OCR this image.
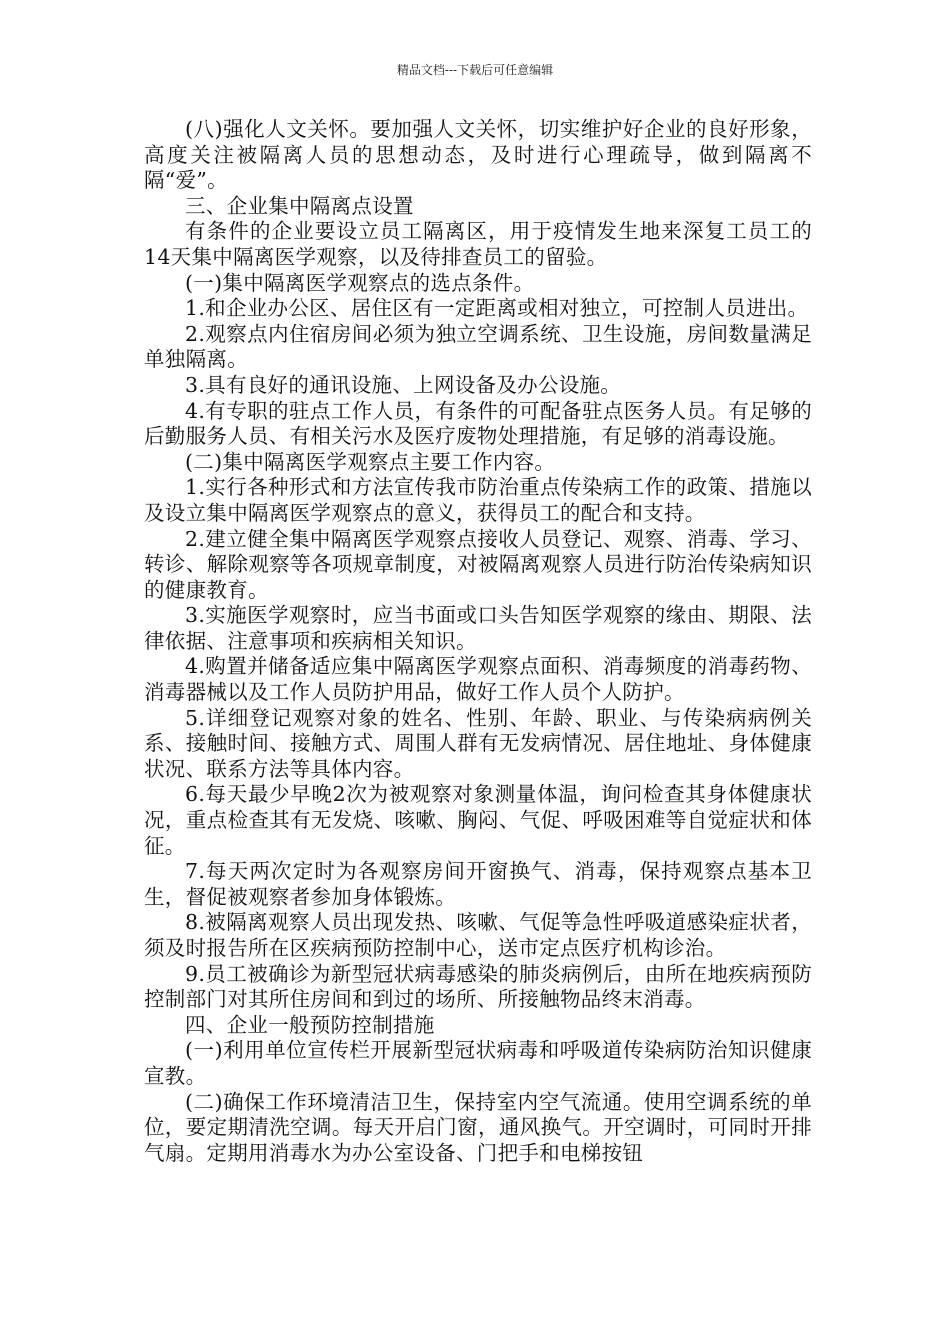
精品文档---下载后可任意编辑

(八)强化人文关怀。要加强人文关怀，切实维护好企业的良好形象，高度关注被隔离人员的思想动态，及时进行心理疏导，做到隔离不隔“爱”。

三、企业集中隔离点设置

有条件的企业要设立员工隔离区，用于疫情发生地来深复工员工的14天集中隔离医学观察，以及待排查员工的留验。

(一)集中隔离医学观察点的选点条件。

1.和企业办公区、居住区有一定距离或相对独立，可控制人员进出。

2.观察点内住宿房间必须为独立空调系统、卫生设施，房间数量满足单独隔离。

3.具有良好的通讯设施、上网设备及办公设施。

4.有专职的驻点工作人员，有条件的可配备驻点医务人员。有足够的后勤服务人员、有相关污水及医疗废物处理措施，有足够的消毒设施。

(二)集中隔离医学观察点主要工作内容。

1.实行各种形式和方法宣传我市防治重点传染病工作的政策、措施以及设立集中隔离医学观察点的意义，获得员工的配合和支持。

2.建立健全集中隔离医学观察点接收人员登记、观察、消毒、学习、转诊、解除观察等各项规章制度，对被隔离观察人员进行防治传染病知识的健康教育。

3.实施医学观察时，应当书面或口头告知医学观察的缘由、期限、法律依据、注意事项和疾病相关知识。

4.购置并储备适应集中隔离医学观察点面积、消毒频度的消毒药物、消毒器械以及工作人员防护用品，做好工作人员个人防护。

5.详细登记观察对象的姓名、性别、年龄、职业、与传染病病例关系、接触时间、接触方式、周围人群有无发病情况、居住地址、身体健康状况、联系方法等具体内容。

6.每天最少早晚2次为被观察对象测量体温，询问检查其身体健康状况，重点检查其有无发烧、咳嗽、胸闷、气促、呼吸困难等自觉症状和体征。

7.每天两次定时为各观察房间开窗换气、消毒，保持观察点基本卫生，督促被观察者参加身体锻炼。

8.被隔离观察人员出现发热、咳嗽、气促等急性呼吸道感染症状者，须及时报告所在区疾病预防控制中心，送市定点医疗机构诊治。

9.员工被确诊为新型冠状病毒感染的肺炎病例后，由所在地疾病预防控制部门对其所住房间和到过的场所、所接触物品终末消毒。

四、企业一般预防控制措施

(一)利用单位宣传栏开展新型冠状病毒和呼吸道传染病防治知识健康宣教。

(二)确保工作环境清洁卫生，保持室内空气流通。使用空调系统的单位，要定期清洗空调。每天开启门窗，通风换气。开空调时，可同时开排气扇。定期用消毒水为办公室设备、门把手和电梯按钮
